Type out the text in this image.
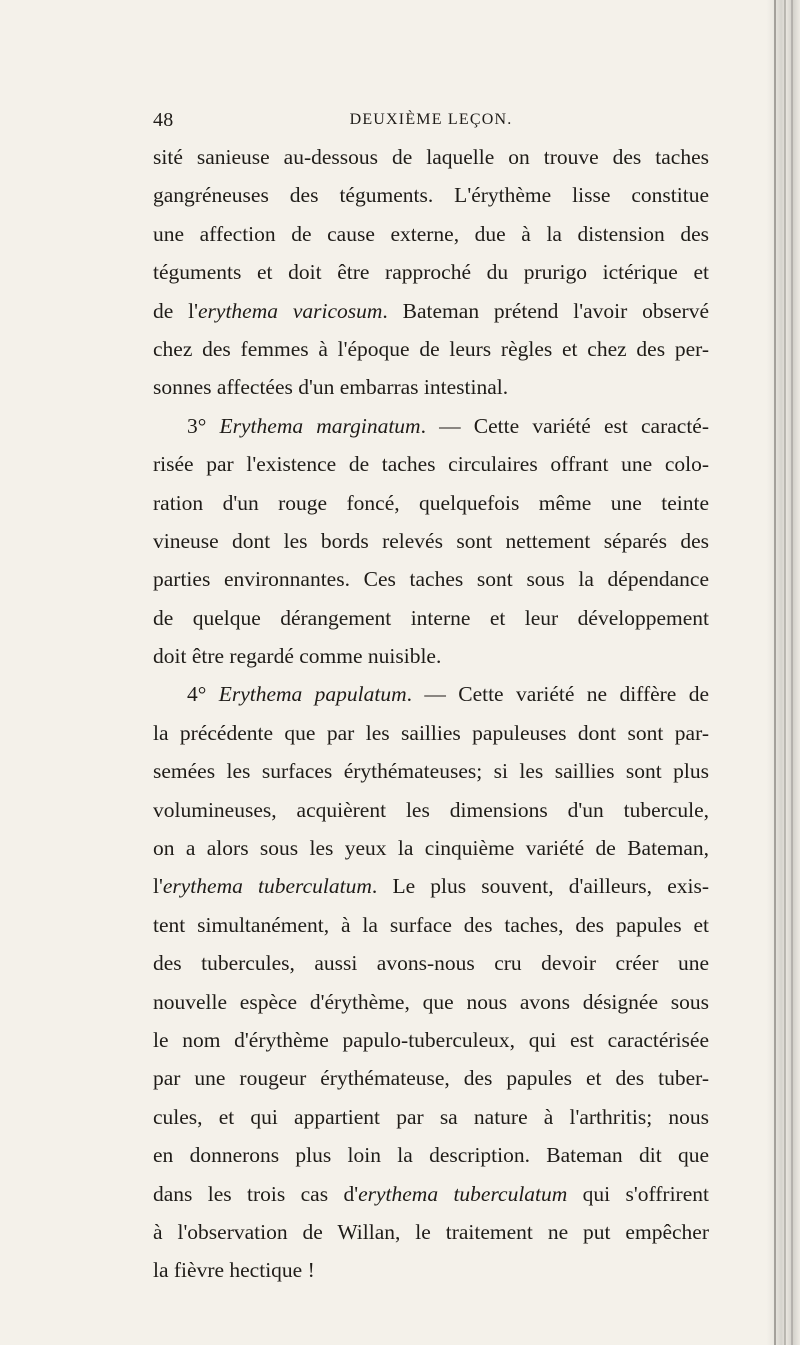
48	DEUXIÈME LEÇON.
sité sanieuse au-dessous de laquelle on trouve des taches
gangréneuses des téguments. L'érythème lisse constitue
une affection de cause externe, due à la distension des
téguments et doit être rapproché du prurigo ictérique et
de l'erythema varicosum. Bateman prétend l'avoir observé
chez des femmes à l'époque de leurs règles et chez des per-
sonnes affectées d'un embarras intestinal.
3° Erythema marginatum. — Cette variété est caracté-
risée par l'existence de taches circulaires offrant une colo-
ration d'un rouge foncé, quelquefois même une teinte
vineuse dont les bords relevés sont nettement séparés des
parties environnantes. Ces taches sont sous la dépendance
de quelque dérangement interne et leur développement
doit être regardé comme nuisible.
4° Erythema papulatum. — Cette variété ne diffère de
la précédente que par les saillies papuleuses dont sont par-
semées les surfaces érythémateuses; si les saillies sont plus
volumineuses, acquièrent les dimensions d'un tubercule,
on a alors sous les yeux la cinquième variété de Bateman,
l'erythema tuberculatum. Le plus souvent, d'ailleurs, exis-
tent simultanément, à la surface des taches, des papules et
des tubercules, aussi avons-nous cru devoir créer une
nouvelle espèce d'érythème, que nous avons désignée sous
le nom d'érythème papulo-tuberculeux, qui est caractérisée
par une rougeur érythémateuse, des papules et des tuber-
cules, et qui appartient par sa nature à l'arthritis; nous
en donnerons plus loin la description. Bateman dit que
dans les trois cas d'erythema tuberculatum qui s'offrirent
à l'observation de Willan, le traitement ne put empêcher
la fièvre hectique !
